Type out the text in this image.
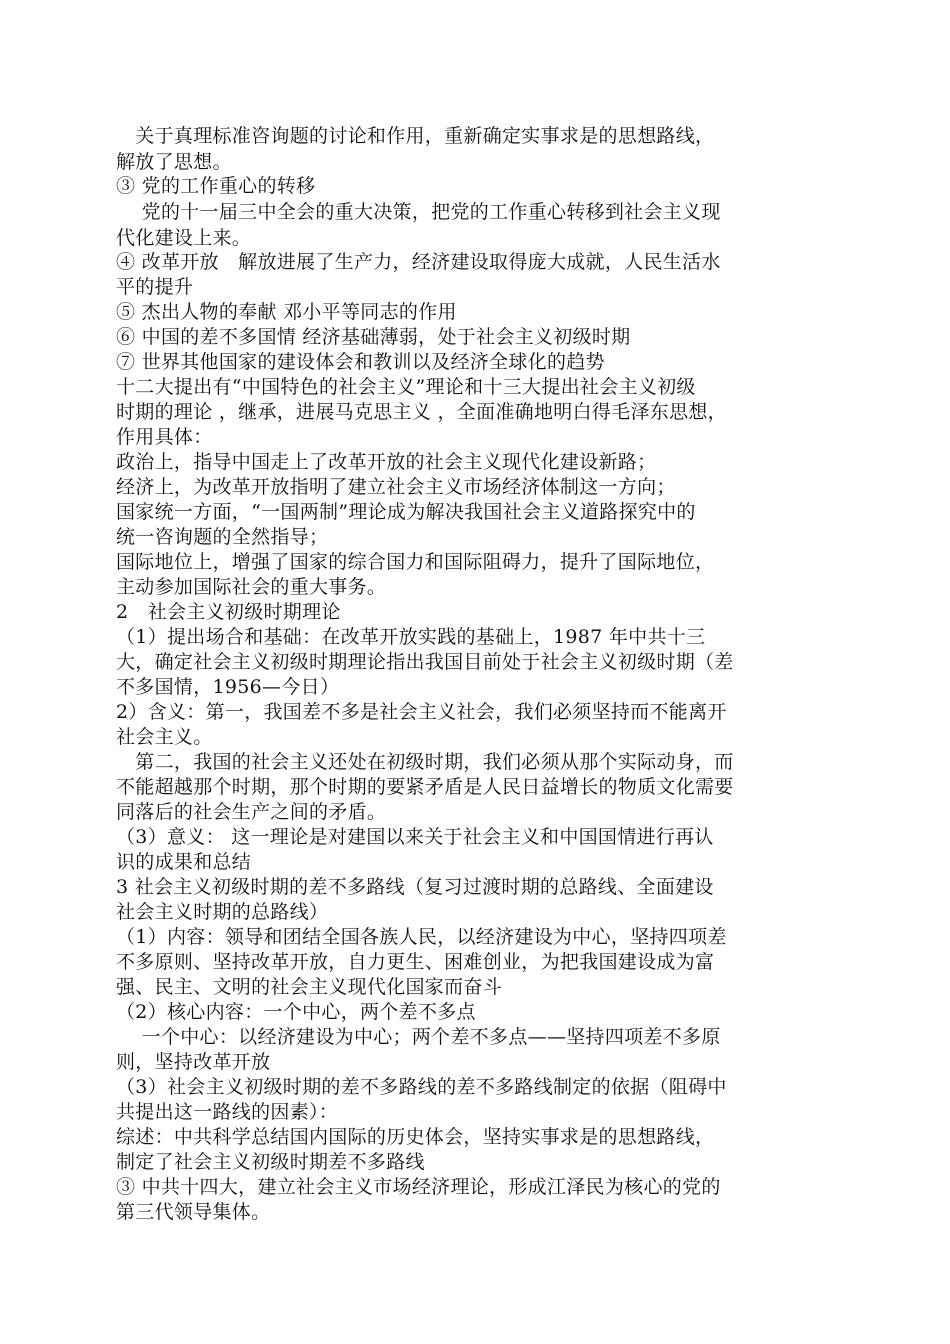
　关于真理标准咨询题的讨论和作用，重新确定实事求是的思想路线，
解放了思想。
③ 党的工作重心的转移
　 党的十一届三中全会的重大决策，把党的工作重心转移到社会主义现
代化建设上来。
④ 改革开放　解放进展了生产力，经济建设取得庞大成就，人民生活水
平的提升
⑤ 杰出人物的奉献 邓小平等同志的作用
⑥ 中国的差不多国情 经济基础薄弱，处于社会主义初级时期
⑦ 世界其他国家的建设体会和教训以及经济全球化的趋势
十二大提出有“中国特色的社会主义”理论和十三大提出社会主义初级
时期的理论 ，继承，进展马克思主义 ，全面准确地明白得毛泽东思想，
作用具体：
政治上，指导中国走上了改革开放的社会主义现代化建设新路；
经济上，为改革开放指明了建立社会主义市场经济体制这一方向；
国家统一方面，“一国两制”理论成为解决我国社会主义道路探究中的
统一咨询题的全然指导；
国际地位上，增强了国家的综合国力和国际阻碍力，提升了国际地位，
主动参加国际社会的重大事务。
2　社会主义初级时期理论
（1）提出场合和基础：在改革开放实践的基础上，1987 年中共十三
大，确定社会主义初级时期理论指出我国目前处于社会主义初级时期（差
不多国情，1956—今日）
2）含义：第一，我国差不多是社会主义社会，我们必须坚持而不能离开
社会主义。
　第二，我国的社会主义还处在初级时期，我们必须从那个实际动身，而
不能超越那个时期，那个时期的要紧矛盾是人民日益增长的物质文化需要
同落后的社会生产之间的矛盾。
（3）意义： 这一理论是对建国以来关于社会主义和中国国情进行再认
识的成果和总结
3 社会主义初级时期的差不多路线（复习过渡时期的总路线、全面建设
社会主义时期的总路线）
（1）内容：领导和团结全国各族人民，以经济建设为中心，坚持四项差
不多原则、坚持改革开放，自力更生、困难创业，为把我国建设成为富
强、民主、文明的社会主义现代化国家而奋斗
（2）核心内容：一个中心，两个差不多点
　 一个中心：以经济建设为中心；两个差不多点——坚持四项差不多原
则，坚持改革开放
（3）社会主义初级时期的差不多路线的差不多路线制定的依据（阻碍中
共提出这一路线的因素）：
综述：中共科学总结国内国际的历史体会，坚持实事求是的思想路线，
制定了社会主义初级时期差不多路线
③ 中共十四大，建立社会主义市场经济理论，形成江泽民为核心的党的
第三代领导集体。
